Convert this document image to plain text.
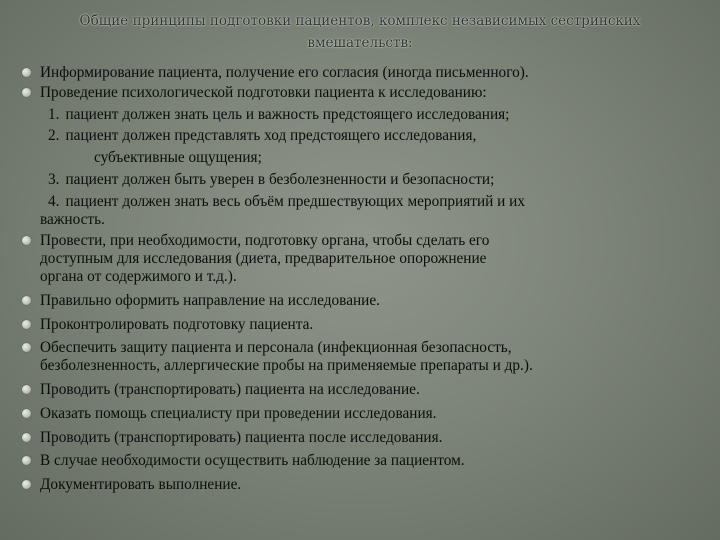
Общие принципы подготовки пациентов, комплекс независимых сестринских
вмешательств:

Информирование пациента, получение его согласия (иногда письменного).

Проведение психологической подготовки пациента к исследованию:

1. пациент должен знать цель и важность предстоящего исследования;

2. пациент должен представлять ход предстоящего исследования,

субъективные ощущения;

3. пациент должен быть уверен в безболезненности и безопасности;

4. пациент должен знать весь объём предшествующих мероприятий и их

важность.

Провести, при необходимости, подготовку органа, чтобы сделать его

доступным для исследования (диета, предварительное опорожнение

органа от содержимого и т.д.).

Правильно оформить направление на исследование.

Проконтролировать подготовку пациента.

Обеспечить защиту пациента и персонала (инфекционная безопасность,

безболезненность, аллергические пробы на применяемые препараты и др.).

Проводить (транспортировать) пациента на исследование.

Оказать помощь специалисту при проведении исследования.

Проводить (транспортировать) пациента после исследования.

В случае необходимости осуществить наблюдение за пациентом.

Документировать выполнение.
